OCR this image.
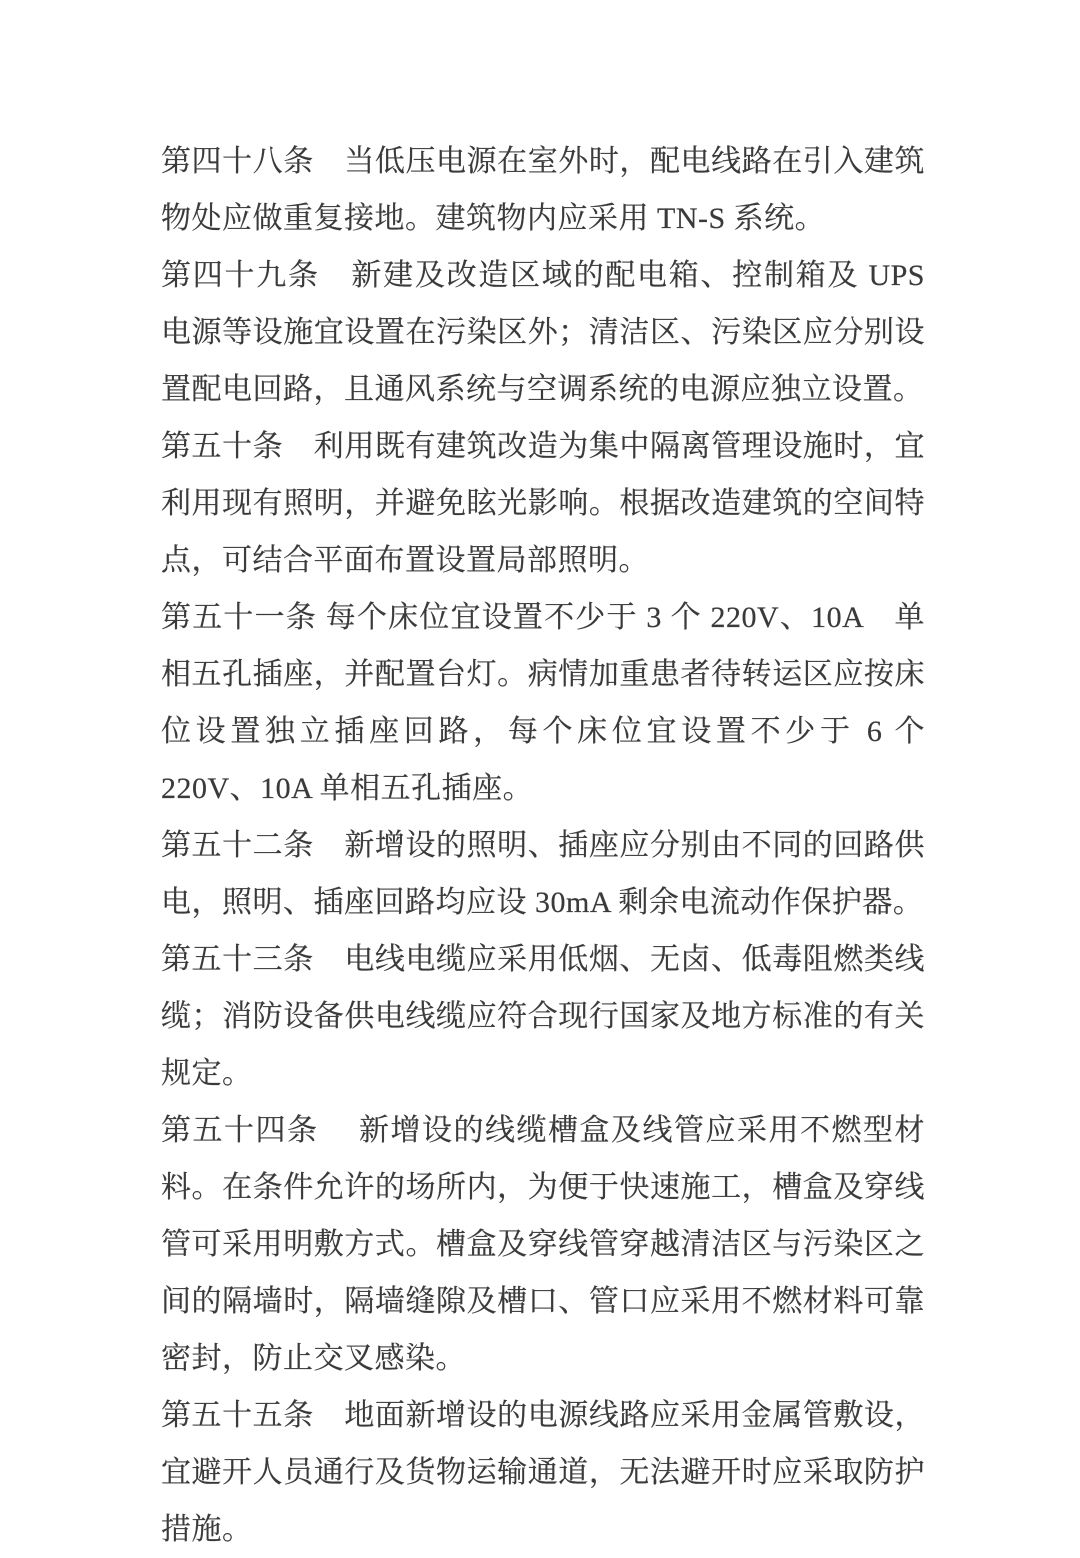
第四十八条　当低压电源在室外时，配电线路在引入建筑物处应做重复接地。建筑物内应采用 TN-S 系统。

第四十九条　新建及改造区域的配电箱、控制箱及 UPS 电源等设施宜设置在污染区外；清洁区、污染区应分别设置配电回路，且通风系统与空调系统的电源应独立设置。

第五十条　利用既有建筑改造为集中隔离管理设施时，宜利用现有照明，并避免眩光影响。根据改造建筑的空间特点，可结合平面布置设置局部照明。

第五十一条 每个床位宜设置不少于 3 个 220V、10A　单相五孔插座，并配置台灯。病情加重患者待转运区应按床位设置独立插座回路，每个床位宜设置不少于 6 个 220V、10A 单相五孔插座。

第五十二条　新增设的照明、插座应分别由不同的回路供电，照明、插座回路均应设 30mA 剩余电流动作保护器。

第五十三条　电线电缆应采用低烟、无卤、低毒阻燃类线缆；消防设备供电线缆应符合现行国家及地方标准的有关规定。

第五十四条　 新增设的线缆槽盒及线管应采用不燃型材料。在条件允许的场所内，为便于快速施工，槽盒及穿线管可采用明敷方式。槽盒及穿线管穿越清洁区与污染区之间的隔墙时，隔墙缝隙及槽口、管口应采用不燃材料可靠密封，防止交叉感染。

第五十五条　地面新增设的电源线路应采用金属管敷设，宜避开人员通行及货物运输通道，无法避开时应采取防护措施。
